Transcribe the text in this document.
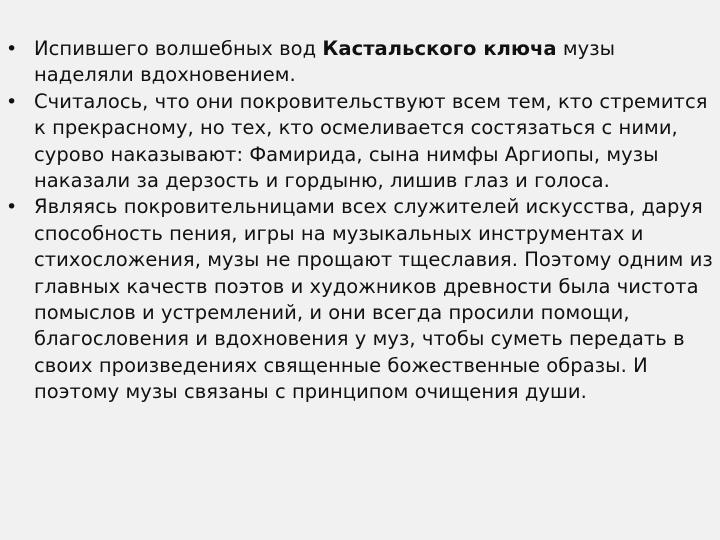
• Испившего волшебных вод Кастальского ключа музы наделяли вдохновением.
• Считалось, что они покровительствуют всем тем, кто стремится к прекрасному, но тех, кто осмеливается состязаться с ними, сурово наказывают: Фамирида, сына нимфы Аргиопы, музы наказали за дерзость и гордыню, лишив глаз и голоса.
• Являясь покровительницами всех служителей искусства, даруя способность пения, игры на музыкальных инструментах и стихосложения, музы не прощают тщеславия. Поэтому одним из главных качеств поэтов и художников древности была чистота помыслов и устремлений, и они всегда просили помощи, благословения и вдохновения у муз, чтобы суметь передать в своих произведениях священные божественные образы. И поэтому музы связаны с принципом очищения души.
